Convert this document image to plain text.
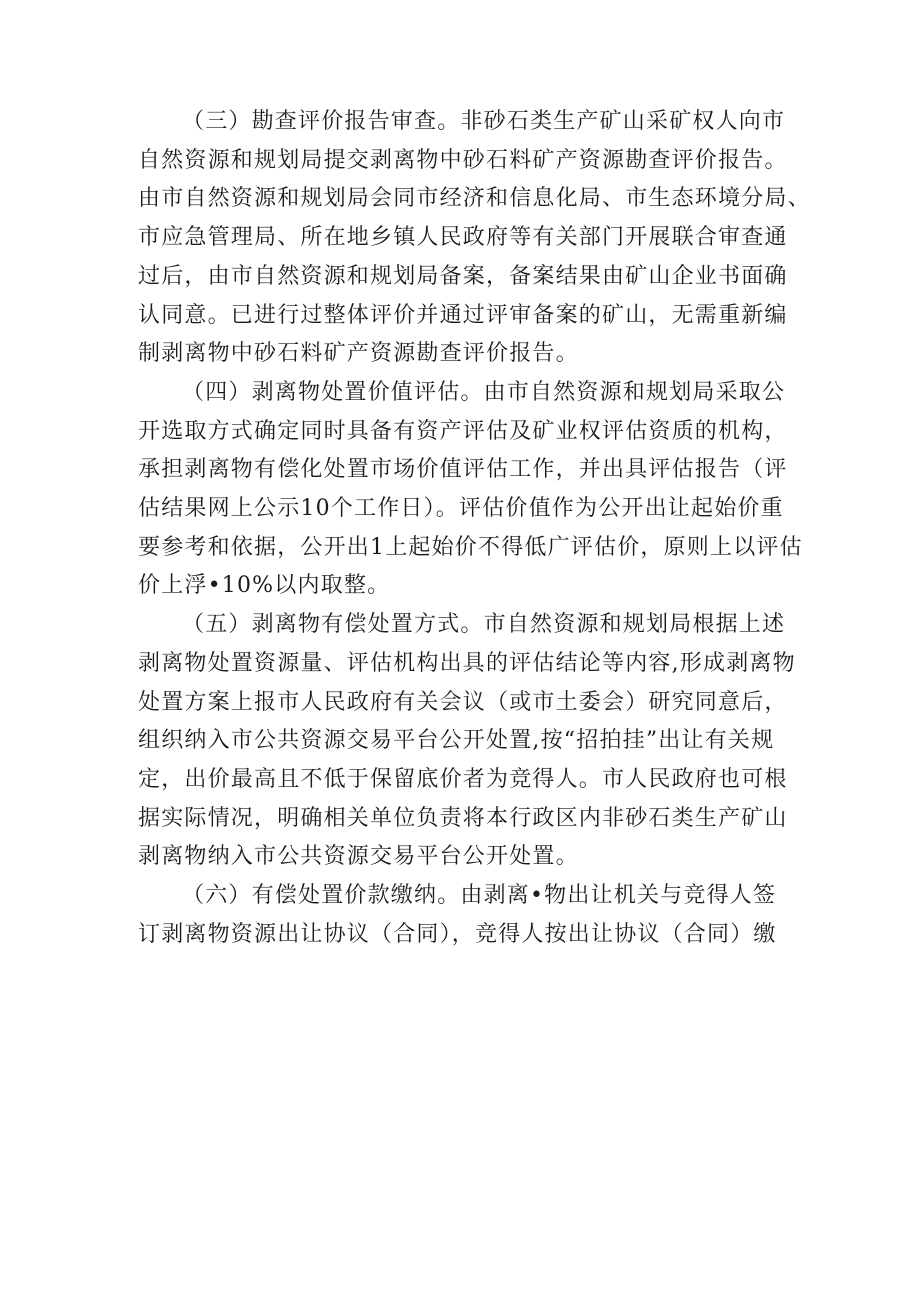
（三）勘查评价报告审查。非砂石类生产矿山采矿权人向市
自然资源和规划局提交剥离物中砂石料矿产资源勘查评价报告。
由市自然资源和规划局会同市经济和信息化局、市生态环境分局、
市应急管理局、所在地乡镇人民政府等有关部门开展联合审查通
过后，由市自然资源和规划局备案，备案结果由矿山企业书面确
认同意。已进行过整体评价并通过评审备案的矿山，无需重新编
制剥离物中砂石料矿产资源勘查评价报告。

（四）剥离物处置价值评估。由市自然资源和规划局采取公
开选取方式确定同时具备有资产评估及矿业权评估资质的机构，
承担剥离物有偿化处置市场价值评估工作，并出具评估报告（评
估结果网上公示10个工作日）。评估价值作为公开出让起始价重
要参考和依据，公开出1上起始价不得低广评估价，原则上以评估
价上浮•10%以内取整。

（五）剥离物有偿处置方式。市自然资源和规划局根据上述
剥离物处置资源量、评估机构出具的评估结论等内容,形成剥离物
处置方案上报市人民政府有关会议（或市土委会）研究同意后，
组织纳入市公共资源交易平台公开处置,按“招拍挂”出让有关规
定，出价最高且不低于保留底价者为竞得人。市人民政府也可根
据实际情况，明确相关单位负责将本行政区内非砂石类生产矿山
剥离物纳入市公共资源交易平台公开处置。

（六）有偿处置价款缴纳。由剥离•物出让机关与竞得人签
订剥离物资源出让协议（合同），竞得人按出让协议（合同）缴
